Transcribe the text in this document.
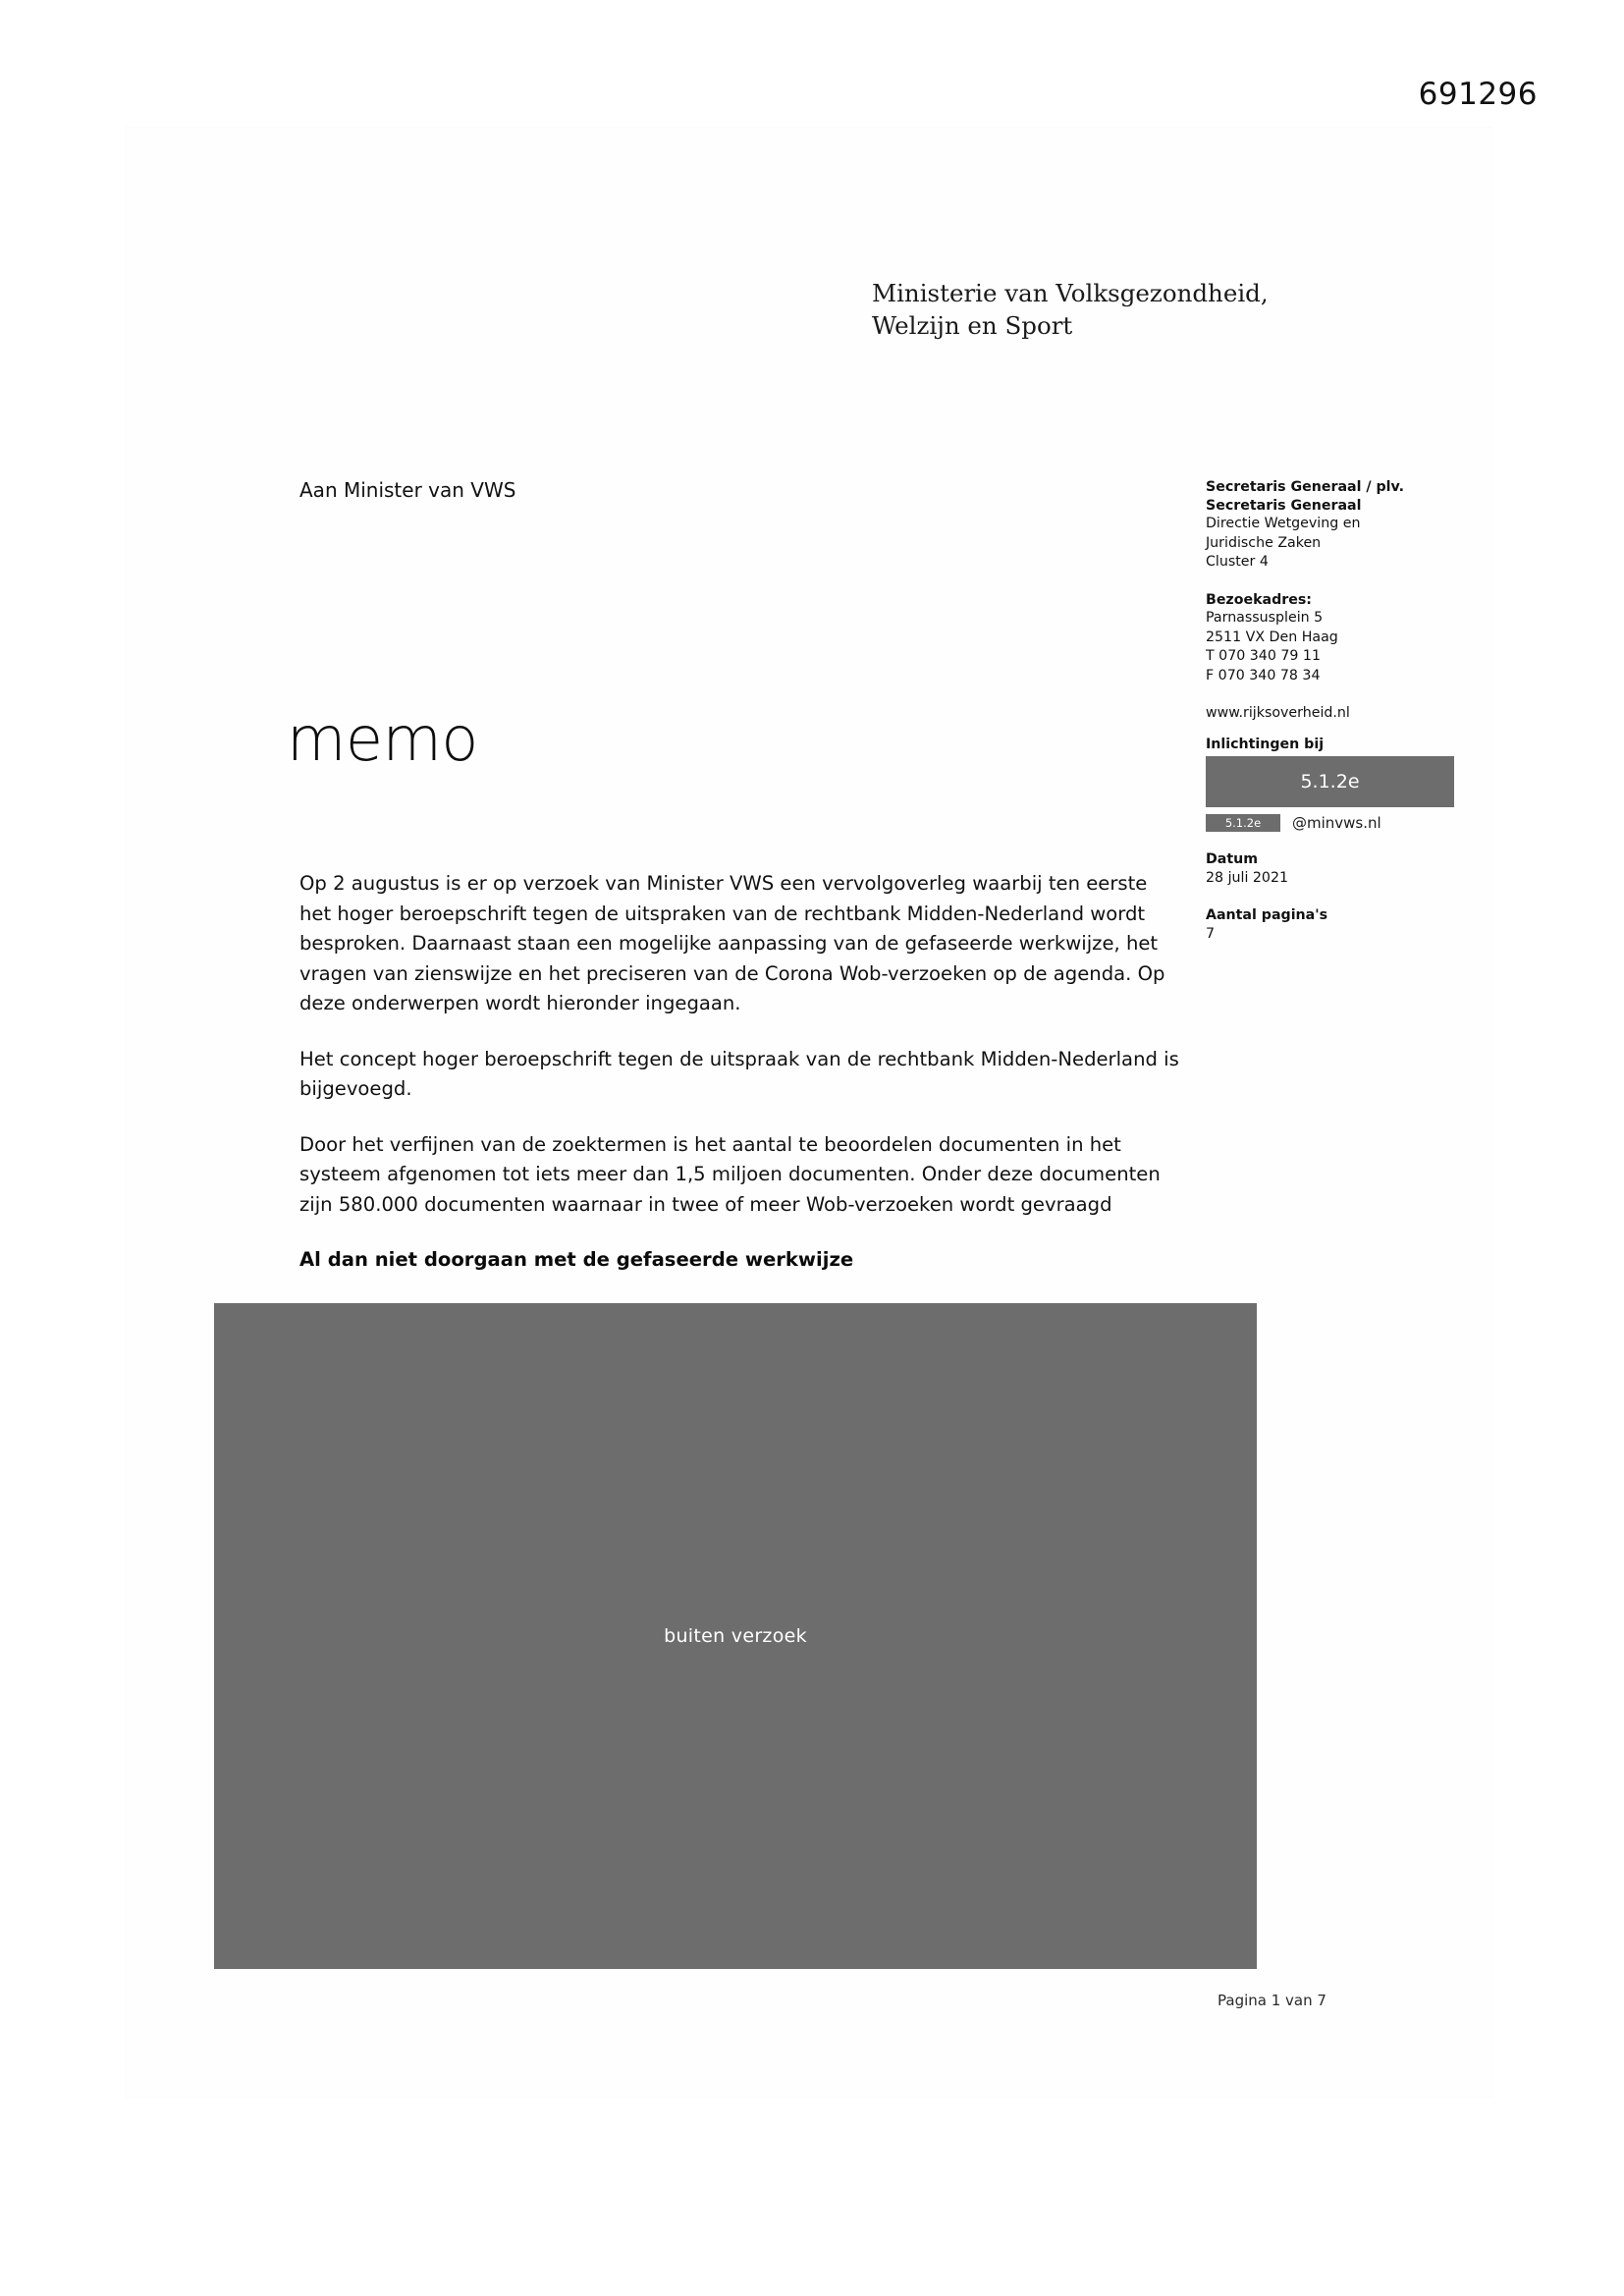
691296
Ministerie van Volksgezondheid,
Welzijn en Sport
Aan Minister van VWS
memo

Op 2 augustus is er op verzoek van Minister VWS een vervolgoverleg waarbij ten eerste het hoger beroepschrift tegen de uitspraken van de rechtbank Midden-Nederland wordt besproken. Daarnaast staan een mogelijke aanpassing van de gefaseerde werkwijze, het vragen van zienswijze en het preciseren van de Corona Wob-verzoeken op de agenda. Op deze onderwerpen wordt hieronder ingegaan.

Het concept hoger beroepschrift tegen de uitspraak van de rechtbank Midden-Nederland is bijgevoegd.

Door het verfijnen van de zoektermen is het aantal te beoordelen documenten in het systeem afgenomen tot iets meer dan 1,5 miljoen documenten. Onder deze documenten zijn 580.000 documenten waarnaar in twee of meer Wob-verzoeken wordt gevraagd

Al dan niet doorgaan met de gefaseerde werkwijze

Secretaris Generaal / plv.

Secretaris Generaal

Directie Wetgeving en

Juridische Zaken

Cluster 4

Bezoekadres:

Parnassusplein 5

2511 VX Den Haag

T 070 340 79 11

F 070 340 78 34

www.rijksoverheid.nl

Inlichtingen bij

5.1.2e
5.1.2e @minvws.nl

Datum

28 juli 2021

Aantal pagina's

7

buiten verzoek
Pagina 1 van 7
